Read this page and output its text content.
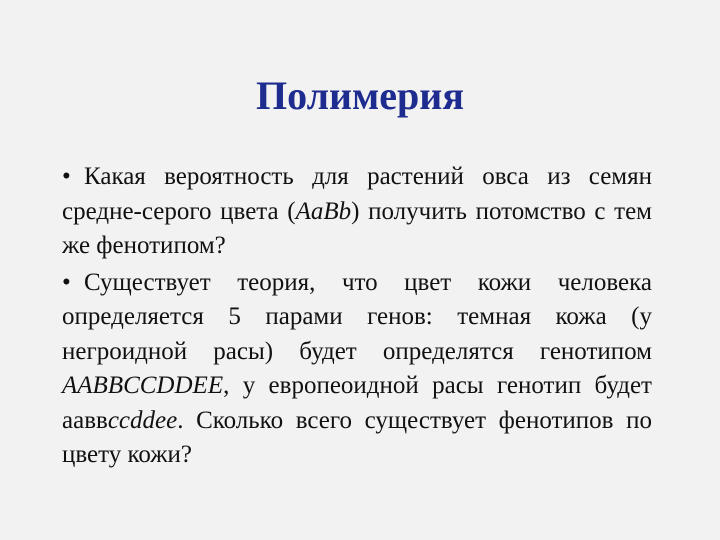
Полимерия

• Какая вероятность для растений овса из семян средне-серого цвета (AaBb) получить потомство с тем же фенотипом?

• Существует теория, что цвет кожи человека определяется 5 парами генов: темная кожа (у негроидной расы) будет определятся генотипом AABBCCDDEE, у европеоидной расы генотип будет aaввccddee. Сколько всего существует фенотипов по цвету кожи?
